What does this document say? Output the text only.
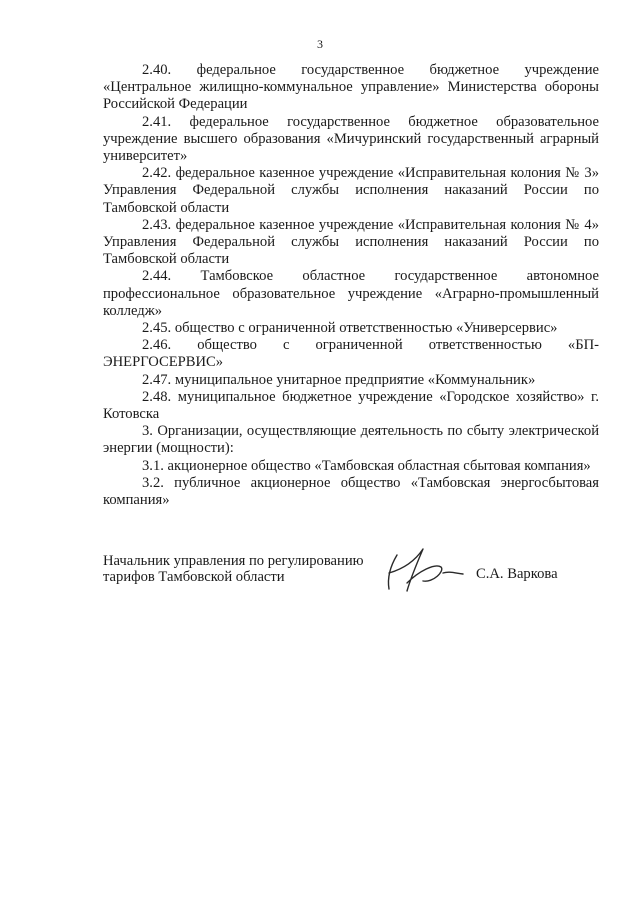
3

2.40. федеральное государственное бюджетное учреждение «Центральное жилищно-коммунальное управление» Министерства обороны Российской Федерации

2.41. федеральное государственное бюджетное образовательное учреждение высшего образования «Мичуринский государственный аграрный университет»

2.42. федеральное казенное учреждение «Исправительная колония № 3» Управления Федеральной службы исполнения наказаний России по Тамбовской области

2.43. федеральное казенное учреждение «Исправительная колония № 4» Управления Федеральной службы исполнения наказаний России по Тамбовской области

2.44. Тамбовское областное государственное автономное профессиональное образовательное учреждение «Аграрно-промышленный колледж»

2.45. общество с ограниченной ответственностью «Универсервис»

2.46. общество с ограниченной ответственностью «БП-ЭНЕРГОСЕРВИС»

2.47. муниципальное унитарное предприятие «Коммунальник»

2.48. муниципальное бюджетное учреждение «Городское хозяйство» г. Котовска

3. Организации, осуществляющие деятельность по сбыту электрической энергии (мощности):

3.1. акционерное общество «Тамбовская областная сбытовая компания»

3.2. публичное акционерное общество «Тамбовская энергосбытовая компания»

Начальник управления по регулированию
тарифов Тамбовской области	С.А. Варкова
